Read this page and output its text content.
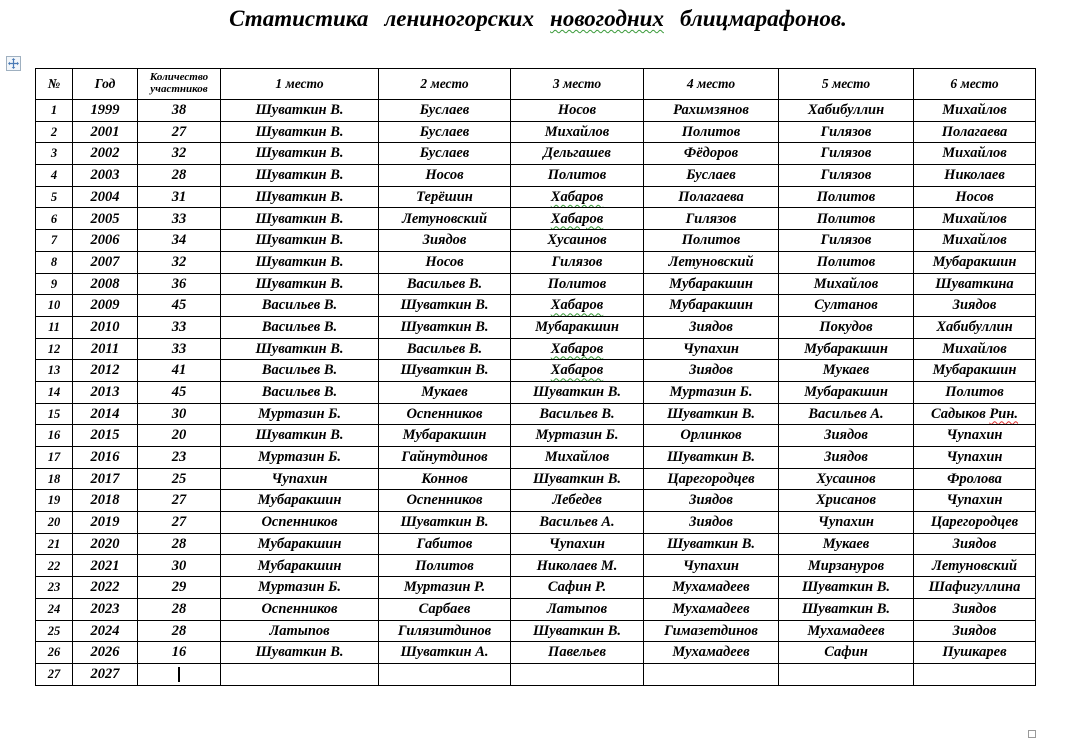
Статистика лениногорских новогодних блицмарафонов.
№	Год	Количество участников	1 место	2 место	3 место	4 место	5 место	6 место
1	1999	38	Шуваткин В.	Буслаев	Носов	Рахимзянов	Хабибуллин	Михайлов
2	2001	27	Шуваткин В.	Буслаев	Михайлов	Политов	Гилязов	Полагаева
3	2002	32	Шуваткин В.	Буслаев	Дельгашев	Фёдоров	Гилязов	Михайлов
4	2003	28	Шуваткин В.	Носов	Политов	Буслаев	Гилязов	Николаев
5	2004	31	Шуваткин В.	Терёшин	Хабаров	Полагаева	Политов	Носов
6	2005	33	Шуваткин В.	Летуновский	Хабаров	Гилязов	Политов	Михайлов
7	2006	34	Шуваткин В.	Зиядов	Хусаинов	Политов	Гилязов	Михайлов
8	2007	32	Шуваткин В.	Носов	Гилязов	Летуновский	Политов	Мубаракшин
9	2008	36	Шуваткин В.	Васильев В.	Политов	Мубаракшин	Михайлов	Шуваткина
10	2009	45	Васильев В.	Шуваткин В.	Хабаров	Мубаракшин	Султанов	Зиядов
11	2010	33	Васильев В.	Шуваткин В.	Мубаракшин	Зиядов	Покудов	Хабибуллин
12	2011	33	Шуваткин В.	Васильев В.	Хабаров	Чупахин	Мубаракшин	Михайлов
13	2012	41	Васильев В.	Шуваткин В.	Хабаров	Зиядов	Мукаев	Мубаракшин
14	2013	45	Васильев В.	Мукаев	Шуваткин В.	Муртазин Б.	Мубаракшин	Политов
15	2014	30	Муртазин Б.	Оспенников	Васильев В.	Шуваткин В.	Васильев А.	Садыков Рин.
16	2015	20	Шуваткин В.	Мубаракшин	Муртазин Б.	Орлинков	Зиядов	Чупахин
17	2016	23	Муртазин Б.	Гайнутдинов	Михайлов	Шуваткин В.	Зиядов	Чупахин
18	2017	25	Чупахин	Коннов	Шуваткин В.	Царегородцев	Хусаинов	Фролова
19	2018	27	Мубаракшин	Оспенников	Лебедев	Зиядов	Хрисанов	Чупахин
20	2019	27	Оспенников	Шуваткин В.	Васильев А.	Зиядов	Чупахин	Царегородцев
21	2020	28	Мубаракшин	Габитов	Чупахин	Шуваткин В.	Мукаев	Зиядов
22	2021	30	Мубаракшин	Политов	Николаев М.	Чупахин	Мирзануров	Летуновский
23	2022	29	Муртазин Б.	Муртазин Р.	Сафин Р.	Мухамадеев	Шуваткин В.	Шафигуллина
24	2023	28	Оспенников	Сарбаев	Латыпов	Мухамадеев	Шуваткин В.	Зиядов
25	2024	28	Латыпов	Гилязитдинов	Шуваткин В.	Гимазетдинов	Мухамадеев	Зиядов
26	2026	16	Шуваткин В.	Шуваткин А.	Павельев	Мухамадеев	Сафин	Пушкарев
27	2027							
